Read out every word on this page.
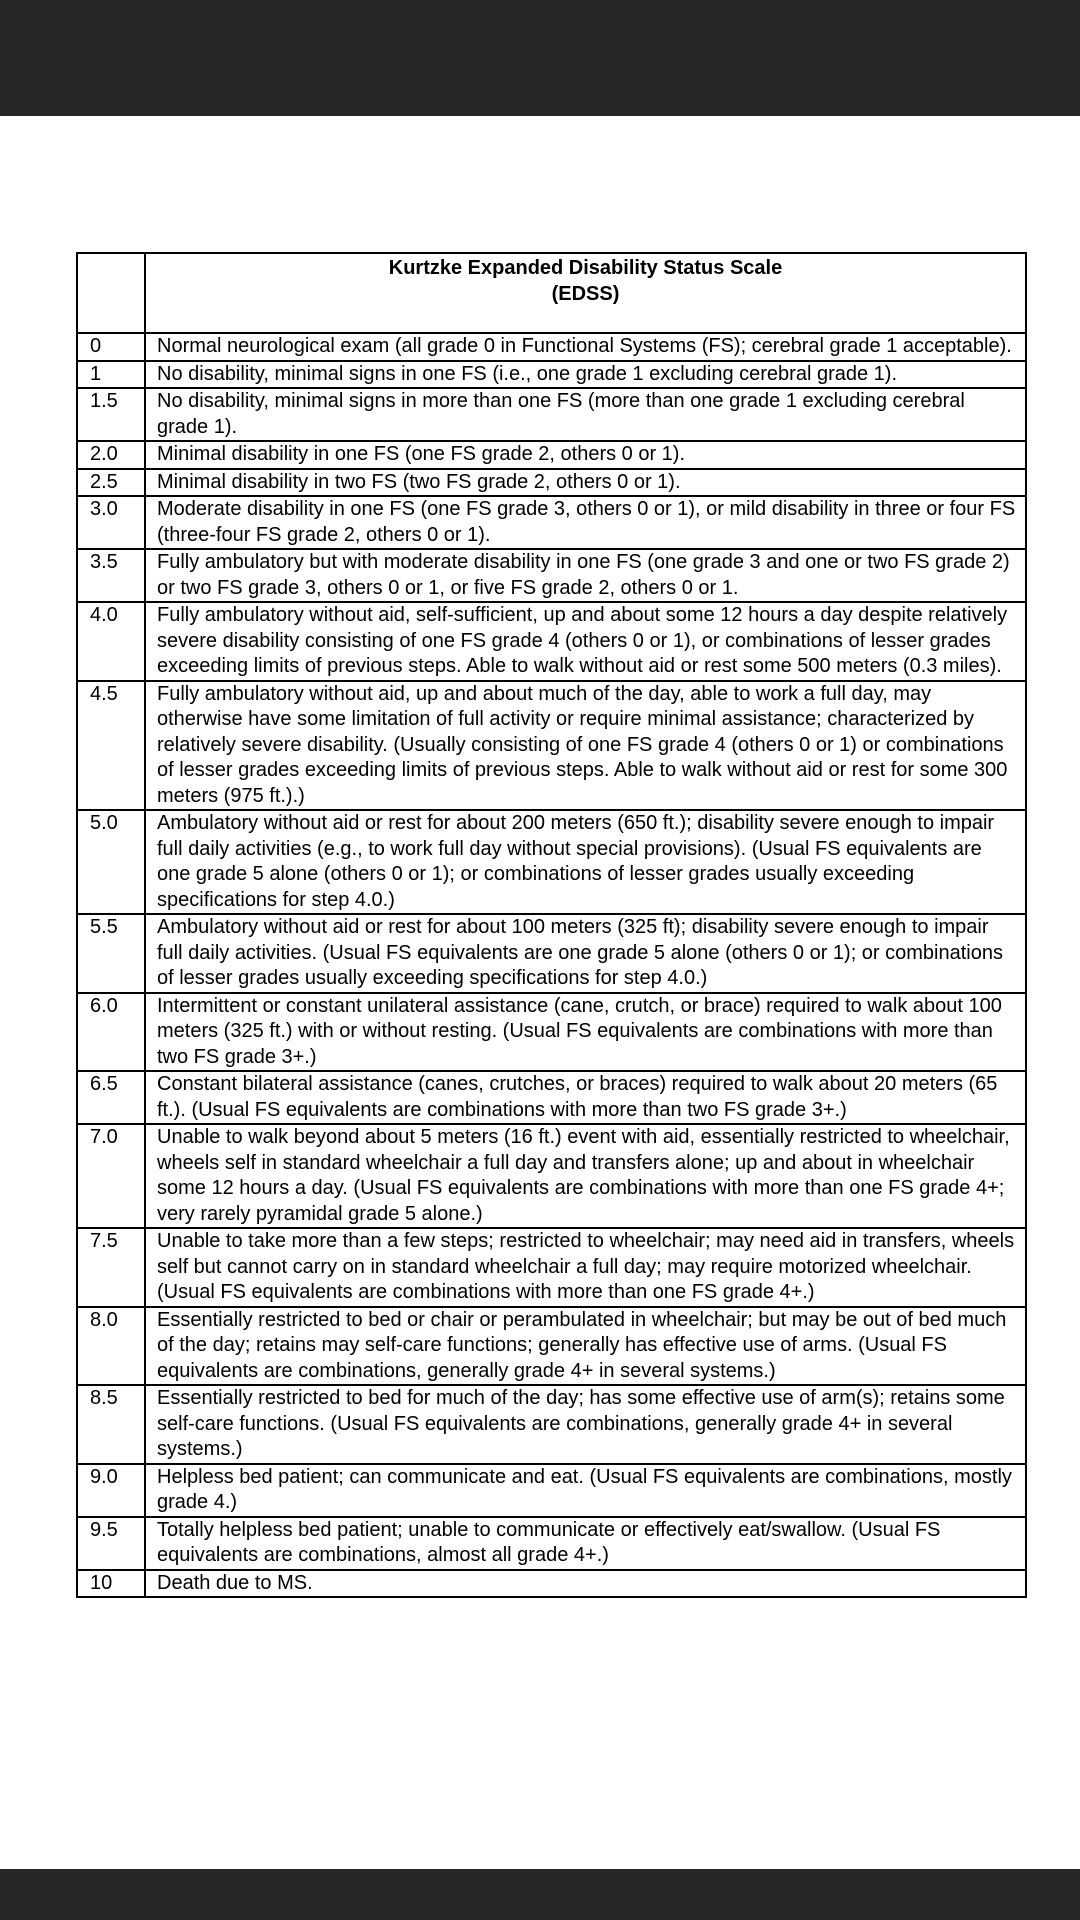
	Kurtzke Expanded Disability Status Scale
(EDSS)

0	Normal neurological exam (all grade 0 in Functional Systems (FS); cerebral grade 1 acceptable).
1	No disability, minimal signs in one FS (i.e., one grade 1 excluding cerebral grade 1).
1.5	No disability, minimal signs in more than one FS (more than one grade 1 excluding cerebral grade 1).
2.0	Minimal disability in one FS (one FS grade 2, others 0 or 1).
2.5	Minimal disability in two FS (two FS grade 2, others 0 or 1).
3.0	Moderate disability in one FS (one FS grade 3, others 0 or 1), or mild disability in three or four FS (three-four FS grade 2, others 0 or 1).
3.5	Fully ambulatory but with moderate disability in one FS (one grade 3 and one or two FS grade 2) or two FS grade 3, others 0 or 1, or five FS grade 2, others 0 or 1.
4.0	Fully ambulatory without aid, self-sufficient, up and about some 12 hours a day despite relatively severe disability consisting of one FS grade 4 (others 0 or 1), or combinations of lesser grades exceeding limits of previous steps. Able to walk without aid or rest some 500 meters (0.3 miles).
4.5	Fully ambulatory without aid, up and about much of the day, able to work a full day, may otherwise have some limitation of full activity or require minimal assistance; characterized by relatively severe disability. (Usually consisting of one FS grade 4 (others 0 or 1) or combinations of lesser grades exceeding limits of previous steps. Able to walk without aid or rest for some 300 meters (975 ft.).)
5.0	Ambulatory without aid or rest for about 200 meters (650 ft.); disability severe enough to impair full daily activities (e.g., to work full day without special provisions). (Usual FS equivalents are one grade 5 alone (others 0 or 1); or combinations of lesser grades usually exceeding specifications for step 4.0.)
5.5	Ambulatory without aid or rest for about 100 meters (325 ft); disability severe enough to impair full daily activities. (Usual FS equivalents are one grade 5 alone (others 0 or 1); or combinations of lesser grades usually exceeding specifications for step 4.0.)
6.0	Intermittent or constant unilateral assistance (cane, crutch, or brace) required to walk about 100 meters (325 ft.) with or without resting. (Usual FS equivalents are combinations with more than two FS grade 3+.)
6.5	Constant bilateral assistance (canes, crutches, or braces) required to walk about 20 meters (65 ft.). (Usual FS equivalents are combinations with more than two FS grade 3+.)
7.0	Unable to walk beyond about 5 meters (16 ft.) event with aid, essentially restricted to wheelchair, wheels self in standard wheelchair a full day and transfers alone; up and about in wheelchair some 12 hours a day. (Usual FS equivalents are combinations with more than one FS grade 4+; very rarely pyramidal grade 5 alone.)
7.5	Unable to take more than a few steps; restricted to wheelchair; may need aid in transfers, wheels self but cannot carry on in standard wheelchair a full day; may require motorized wheelchair. (Usual FS equivalents are combinations with more than one FS grade 4+.)
8.0	Essentially restricted to bed or chair or perambulated in wheelchair; but may be out of bed much of the day; retains may self-care functions; generally has effective use of arms. (Usual FS equivalents are combinations, generally grade 4+ in several systems.)
8.5	Essentially restricted to bed for much of the day; has some effective use of arm(s); retains some self-care functions. (Usual FS equivalents are combinations, generally grade 4+ in several systems.)
9.0	Helpless bed patient; can communicate and eat. (Usual FS equivalents are combinations, mostly grade 4.)
9.5	Totally helpless bed patient; unable to communicate or effectively eat/swallow. (Usual FS equivalents are combinations, almost all grade 4+.)
10	Death due to MS.
